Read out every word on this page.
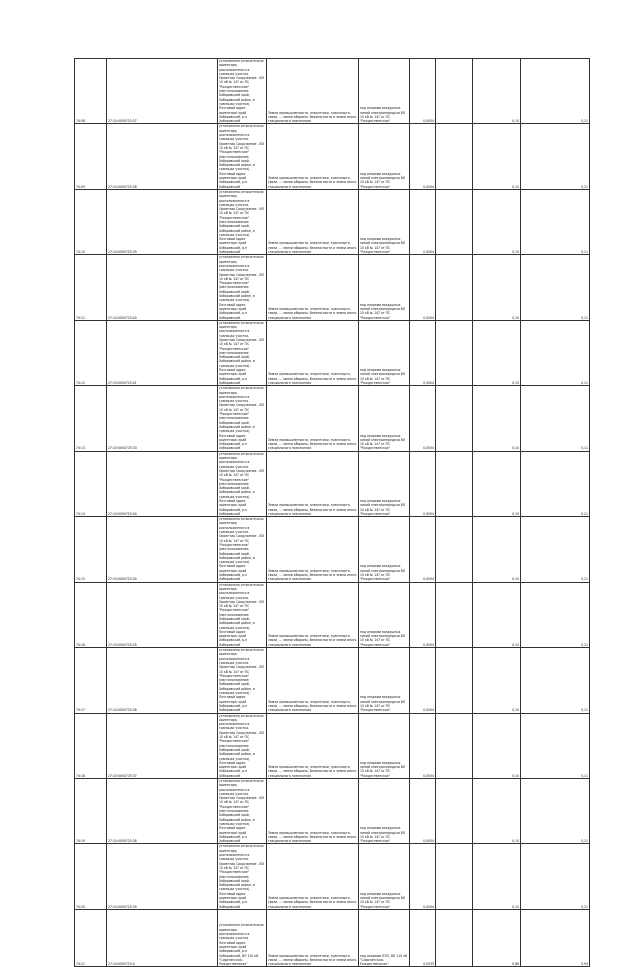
74:08	27:10:0000725:37	установлено относительно ориентира, расположенного в границах участка. Ориентир Сооружение - ВЛ 10 кВ № 147 от ПС "Рождественское" (местоположение: Хабаровский край, Хабаровский район, в границах участка). Почтовый адрес ориентира: край Хабаровский, р-н Хабаровский	Земли промышленности, энергетики, транспорта, связи, ... земли обороны, безопасности и земли иного специального назначения	под опорами воздушных линий электропередачи ВЛ 10 кВ № 147 от ПС "Рождественская"	0,0004		0,10	0,11
74:09	27:10:0000725:38	установлено относительно ориентира, расположенного в границах участка. Ориентир Сооружение - ВЛ 10 кВ № 147 от ПС "Рождественское" (местоположение: Хабаровский край, Хабаровский район, в границах участка). Почтовый адрес ориентира: край Хабаровский, р-н Хабаровский	Земли промышленности, энергетики, транспорта, связи, ... земли обороны, безопасности и земли иного специального назначения	под опорами воздушных линий электропередачи ВЛ 10 кВ № 147 от ПС "Рождественская"	0,0004		0,10	0,11
74:10	27:10:0000725:39	установлено относительно ориентира, расположенного в границах участка. Ориентир Сооружение - ВЛ 10 кВ № 147 от ПС "Рождественское" (местоположение: Хабаровский край, Хабаровский район, в границах участка). Почтовый адрес ориентира: край Хабаровский, р-н Хабаровский	Земли промышленности, энергетики, транспорта, связи, ... земли обороны, безопасности и земли иного специального назначения	под опорами воздушных линий электропередачи ВЛ 10 кВ № 147 от ПС "Рождественская"	0,0004		0,10	0,11
74:11	27:10:0000725:40	установлено относительно ориентира, расположенного в границах участка. Ориентир Сооружение - ВЛ 10 кВ № 147 от ПС "Рождественское" (местоположение: Хабаровский край, Хабаровский район, в границах участка). Почтовый адрес ориентира: край Хабаровский, р-н Хабаровский	Земли промышленности, энергетики, транспорта, связи, ... земли обороны, безопасности и земли иного специального назначения	под опорами воздушных линий электропередачи ВЛ 10 кВ № 147 от ПС "Рождественская"	0,0004		0,10	0,11
74:12	27:10:0000725:41	установлено относительно ориентира, расположенного в границах участка. Ориентир Сооружение - ВЛ 10 кВ № 147 от ПС "Рождественское" (местоположение: Хабаровский край, Хабаровский район, в границах участка). Почтовый адрес ориентира: край Хабаровский, р-н Хабаровский	Земли промышленности, энергетики, транспорта, связи, ... земли обороны, безопасности и земли иного специального назначения	под опорами воздушных линий электропередачи ВЛ 10 кВ № 147 от ПС "Рождественская"	0,0004		0,10	0,11
74:13	27:10:0000725:33	установлено относительно ориентира, расположенного в границах участка. Ориентир Сооружение - ВЛ 10 кВ № 147 от ПС "Рождественское" (местоположение: Хабаровский край, Хабаровский район, в границах участка). Почтовый адрес ориентира: край Хабаровский, р-н Хабаровский	Земли промышленности, энергетики, транспорта, связи, ... земли обороны, безопасности и земли иного специального назначения	под опорами воздушных линий электропередачи ВЛ 10 кВ № 147 от ПС "Рождественская"	0,0004		0,10	0,11
74:14	27:10:0000725:34	установлено относительно ориентира, расположенного в границах участка. Ориентир Сооружение - ВЛ 10 кВ № 147 от ПС "Рождественское" (местоположение: Хабаровский край, Хабаровский район, в границах участка). Почтовый адрес ориентира: край Хабаровский, р-н Хабаровский	Земли промышленности, энергетики, транспорта, связи, ... земли обороны, безопасности и земли иного специального назначения	под опорами воздушных линий электропередачи ВЛ 10 кВ № 147 от ПС "Рождественская"	0,0004		0,10	0,11
74:15	27:10:0000725:34	установлено относительно ориентира, расположенного в границах участка. Ориентир Сооружение - ВЛ 10 кВ № 147 от ПС "Рождественское" (местоположение: Хабаровский край, Хабаровский район, в границах участка). Почтовый адрес ориентира: край Хабаровский, р-н Хабаровский	Земли промышленности, энергетики, транспорта, связи, ... земли обороны, безопасности и земли иного специального назначения	под опорами воздушных линий электропередачи ВЛ 10 кВ № 147 от ПС "Рождественская"	0,0004		0,10	0,11
74:16	27:10:0000725:35	установлено относительно ориентира, расположенного в границах участка. Ориентир Сооружение - ВЛ 10 кВ № 147 от ПС "Рождественское" (местоположение: Хабаровский край, Хабаровский район, в границах участка). Почтовый адрес ориентира: край Хабаровский, р-н Хабаровский	Земли промышленности, энергетики, транспорта, связи, ... земли обороны, безопасности и земли иного специального назначения	под опорами воздушных линий электропередачи ВЛ 10 кВ № 147 от ПС "Рождественская"	0,0004		0,10	0,11
74:17	27:10:0000725:36	установлено относительно ориентира, расположенного в границах участка. Ориентир Сооружение - ВЛ 10 кВ № 147 от ПС "Рождественское" (местоположение: Хабаровский край, Хабаровский район, в границах участка). Почтовый адрес ориентира: край Хабаровский, р-н Хабаровский	Земли промышленности, энергетики, транспорта, связи, ... земли обороны, безопасности и земли иного специального назначения	под опорами воздушных линий электропередачи ВЛ 10 кВ № 147 от ПС "Рождественская"	0,0004		0,10	0,11
74:18	27:10:0000725:37	установлено относительно ориентира, расположенного в границах участка. Ориентир Сооружение - ВЛ 10 кВ № 147 от ПС "Рождественское" (местоположение: Хабаровский край, Хабаровский район, в границах участка). Почтовый адрес ориентира: край Хабаровский, р-н Хабаровский	Земли промышленности, энергетики, транспорта, связи, ... земли обороны, безопасности и земли иного специального назначения	под опорами воздушных линий электропередачи ВЛ 10 кВ № 147 от ПС "Рождественская"	0,0004		0,10	0,11
74:19	27:10:0000725:38	установлено относительно ориентира, расположенного в границах участка. Ориентир Сооружение - ВЛ 10 кВ № 147 от ПС "Рождественское" (местоположение: Хабаровский край, Хабаровский район, в границах участка). Почтовый адрес ориентира: край Хабаровский, р-н Хабаровский	Земли промышленности, энергетики, транспорта, связи, ... земли обороны, безопасности и земли иного специального назначения	под опорами воздушных линий электропередачи ВЛ 10 кВ № 147 от ПС "Рождественская"	0,0004		0,10	0,11
74:20	27:10:0000725:39	установлено относительно ориентира, расположенного в границах участка. Ориентир Сооружение - ВЛ 10 кВ № 147 от ПС "Рождественское" (местоположение: Хабаровский край, Хабаровский район, в границах участка). Почтовый адрес ориентира: край Хабаровский, р-н Хабаровский	Земли промышленности, энергетики, транспорта, связи, ... земли обороны, безопасности и земли иного специального назначения	под опорами воздушных линий электропередачи ВЛ 10 кВ № 147 от ПС "Рождественская"	0,0004		0,10	0,11
74:21	27:10:0000725:4	установлено относительно ориентира, расположенного в границах участка. Почтовый адрес ориентира: край Хабаровский, р-н Хабаровский, ВЛ 110 кВ "Сиротинская-Рождественская"	Земли промышленности, энергетики, транспорта, связи, ... земли обороны, безопасности и земли иного специального назначения	под опорами ЛЭП, ВЛ 110 кВ "Сиротинская-Рождественская"	0,0033		0,88	0,94
